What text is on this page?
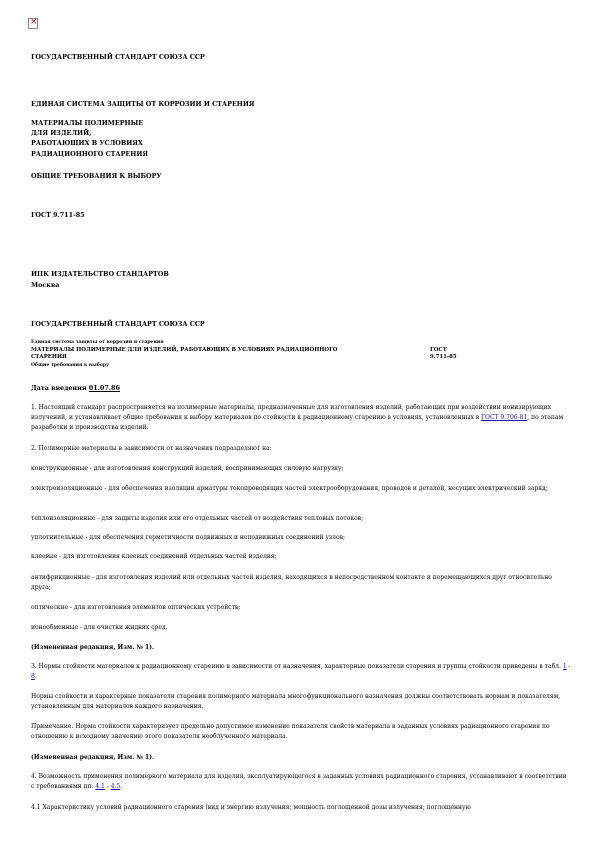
×

ГОСУДАРСТВЕННЫЙ СТАНДАРТ СОЮЗА ССР

ЕДИНАЯ СИСТЕМА ЗАЩИТЫ ОТ КОРРОЗИИ И СТАРЕНИЯ

МАТЕРИАЛЫ ПОЛИМЕРНЫЕ

ДЛЯ ИЗДЕЛИЙ,

РАБОТАЮЩИХ В УСЛОВИЯХ

РАДИАЦИОННОГО СТАРЕНИЯ

ОБЩИЕ ТРЕБОВАНИЯ К ВЫБОРУ

ГОСТ 9.711-85

ИПК ИЗДАТЕЛЬСТВО СТАНДАРТОВ

Москва

ГОСУДАРСТВЕННЫЙ СТАНДАРТ СОЮЗА ССР

Единая система защиты от коррозии и старения

МАТЕРИАЛЫ ПОЛИМЕРНЫЕ ДЛЯ ИЗДЕЛИЙ, РАБОТАЮЩИХ В УСЛОВИЯХ РАДИАЦИОННОГО

СТАРЕНИЯ

Общие требования к выбору

ГОСТ

9.711-85

Дата введения 01.07.86

1. Настоящий стандарт распространяется на полимерные материалы, предназначенные для изготовления изделий, работающих при воздействии ионизирующих излучений, и устанавливает общие требования к выбору материалов по стойкости к радиационному старению в условиях, установленных в ГОСТ 9.706-81, по этапам разработки и производства изделий.

2. Полимерные материалы в зависимости от назначения подразделяют на:

конструкционные - для изготовления конструкций изделий, воспринимающих силовую нагрузку;

электроизоляционные - для обеспечения изоляции арматуры токопроводящих частей электрооборудования, проводов и деталей, несущих электрический заряд;

теплоизоляционные - для защиты изделия или его отдельных частей от воздействия тепловых потоков;

уплотнительные - для обеспечения герметичности подвижных и неподвижных соединений узлов;

клеевые - для изготовления клеевых соединений отдельных частей изделия;

антифрикционные - для изготовления изделий или отдельных частей изделия, находящихся в непосредственном контакте и перемещающихся друг относительно друга;

оптические - для изготовления элементов оптических устройств;

ионообменные - для очистки жидких сред.

(Измененная редакция, Изм. № 1).

3. Нормы стойкости материалов к радиационному старению в зависимости от назначения, характерные показатели старения и группы стойкости приведены в табл. 1 - 8.

Нормы стойкости и характерные показатели старения полимерного материала многофункционального назначения должны соответствовать нормам и показателям, установленным для материалов каждого назначения.

Примечание. Норма стойкости характеризует предельно допустимое изменение показателя свойств материала в заданных условиях радиационного старения по отношению к исходному значению этого показателя необлученного материала.

(Измененная редакция, Изм. № 1).

4. Возможность применения полимерного материала для изделия, эксплуатирующегося в заданных условиях радиационного старения, устанавливают в соответствии с требованиями пп. 4.1 - 4.5.

4.1 Характеристику условий радиационного старения (вид и энергию излучения; мощность поглощенной дозы излучения; поглощенную
